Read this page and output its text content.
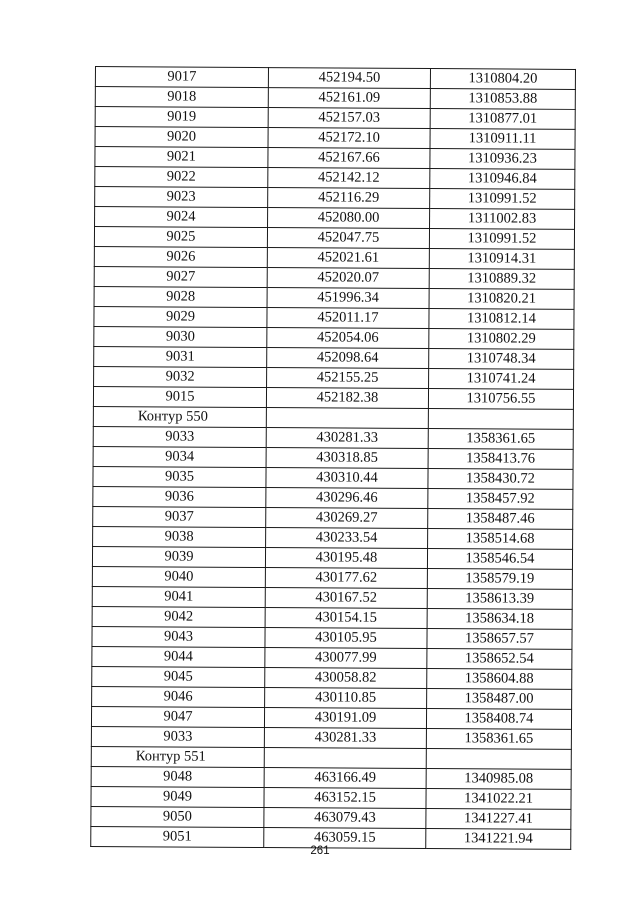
9017	452194.50	1310804.20
9018	452161.09	1310853.88
9019	452157.03	1310877.01
9020	452172.10	1310911.11
9021	452167.66	1310936.23
9022	452142.12	1310946.84
9023	452116.29	1310991.52
9024	452080.00	1311002.83
9025	452047.75	1310991.52
9026	452021.61	1310914.31
9027	452020.07	1310889.32
9028	451996.34	1310820.21
9029	452011.17	1310812.14
9030	452054.06	1310802.29
9031	452098.64	1310748.34
9032	452155.25	1310741.24
9015	452182.38	1310756.55
Контур 550		
9033	430281.33	1358361.65
9034	430318.85	1358413.76
9035	430310.44	1358430.72
9036	430296.46	1358457.92
9037	430269.27	1358487.46
9038	430233.54	1358514.68
9039	430195.48	1358546.54
9040	430177.62	1358579.19
9041	430167.52	1358613.39
9042	430154.15	1358634.18
9043	430105.95	1358657.57
9044	430077.99	1358652.54
9045	430058.82	1358604.88
9046	430110.85	1358487.00
9047	430191.09	1358408.74
9033	430281.33	1358361.65
Контур 551		
9048	463166.49	1340985.08
9049	463152.15	1341022.21
9050	463079.43	1341227.41
9051	463059.15	1341221.94
261
